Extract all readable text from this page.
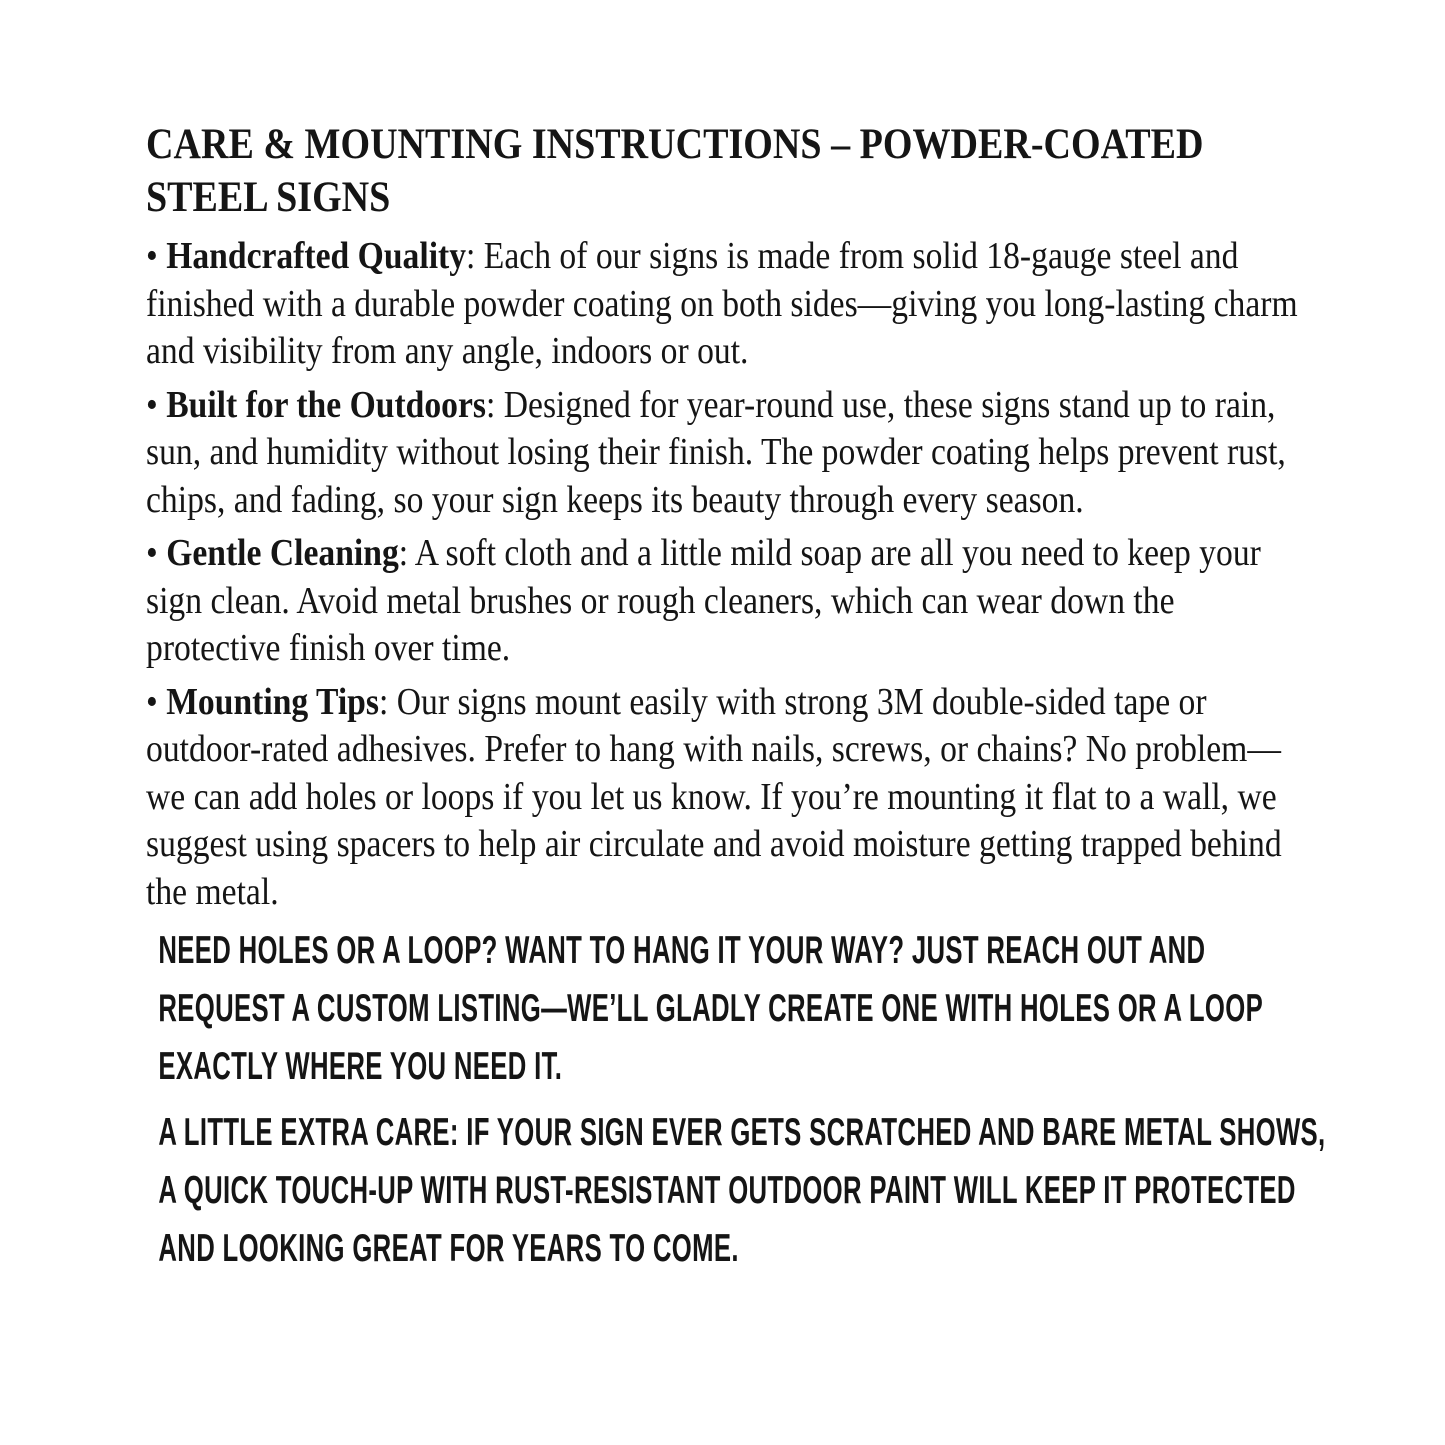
CARE & MOUNTING INSTRUCTIONS – POWDER-COATED STEEL SIGNS

• Handcrafted Quality: Each of our signs is made from solid 18-gauge steel and finished with a durable powder coating on both sides—giving you long-lasting charm and visibility from any angle, indoors or out.

• Built for the Outdoors: Designed for year-round use, these signs stand up to rain, sun, and humidity without losing their finish. The powder coating helps prevent rust, chips, and fading, so your sign keeps its beauty through every season.

• Gentle Cleaning: A soft cloth and a little mild soap are all you need to keep your sign clean. Avoid metal brushes or rough cleaners, which can wear down the protective finish over time.

• Mounting Tips: Our signs mount easily with strong 3M double-sided tape or outdoor-rated adhesives. Prefer to hang with nails, screws, or chains? No problem—we can add holes or loops if you let us know. If you’re mounting it flat to a wall, we suggest using spacers to help air circulate and avoid moisture getting trapped behind the metal.

NEED HOLES OR A LOOP? WANT TO HANG IT YOUR WAY? JUST REACH OUT AND
REQUEST A CUSTOM LISTING—WE’LL GLADLY CREATE ONE WITH HOLES OR A LOOP
EXACTLY WHERE YOU NEED IT.
A LITTLE EXTRA CARE: IF YOUR SIGN EVER GETS SCRATCHED AND BARE METAL SHOWS,
A QUICK TOUCH-UP WITH RUST-RESISTANT OUTDOOR PAINT WILL KEEP IT PROTECTED
AND LOOKING GREAT FOR YEARS TO COME.
